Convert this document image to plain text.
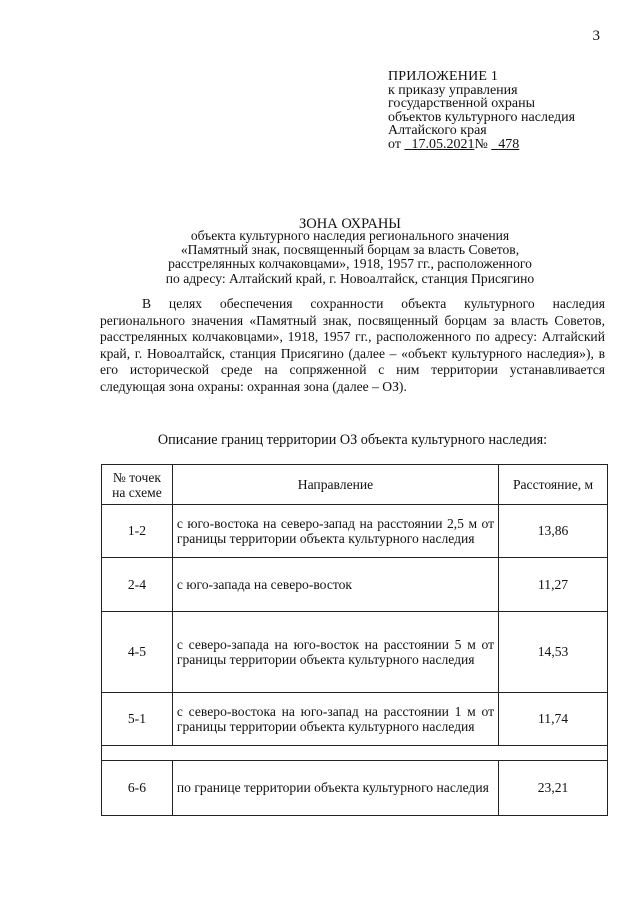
3
ПРИЛОЖЕНИЕ 1
к приказу управления
государственной охраны
объектов культурного наследия
Алтайского края
от 17.05.2021№ 478
ЗОНА ОХРАНЫ
объекта культурного наследия регионального значения
«Памятный знак, посвященный борцам за власть Советов,
расстрелянных колчаковцами», 1918, 1957 гг., расположенного
по адресу: Алтайский край, г. Новоалтайск, станция Присягино
В целях обеспечения сохранности объекта культурного наследия регионального значения «Памятный знак, посвященный борцам за власть Советов, расстрелянных колчаковцами», 1918, 1957 гг., расположенного по адресу: Алтайский край, г. Новоалтайск, станция Присягино (далее – «объект культурного наследия»), в его исторической среде на сопряженной с ним территории устанавливается следующая зона охраны: охранная зона (далее – ОЗ).
Описание границ территории ОЗ объекта культурного наследия:
№ точек на схеме	Направление	Расстояние, м
1-2	с юго-востока на северо-запад на расстоянии 2,5 м от границы территории объекта культурного наследия	13,86
2-4	с юго-запада на северо-восток	11,27
4-5	с северо-запада на юго-восток на расстоянии 5 м от границы территории объекта культурного наследия	14,53
5-1	с северо-востока на юго-запад на расстоянии 1 м от границы территории объекта культурного наследия	11,74

6-6	по границе территории объекта культурного наследия	23,21
